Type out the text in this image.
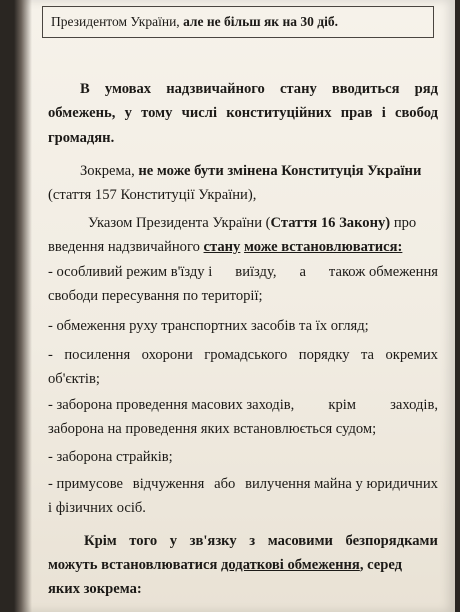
Президентом України, але не більш як на 30 діб.
В умовах надзвичайного стану вводиться ряд
обмежень, у тому числі конституційних прав і свобод
громадян.
Зокрема, не може бути змінена Конституція України
(стаття 157 Конституції України),
Указом Президента України (Стаття 16 Закону) про
введення надзвичайного стану може встановлюватися:
- особливий режим в'їзду і виїзду, а також обмеження
свободи пересування по території;
- обмеження руху транспортних засобів та їх огляд;
- посилення охорони громадського порядку та окремих
об'єктів;
- заборона проведення масових заходів, крім заходів,
заборона на проведення яких встановлюється судом;
- заборона страйків;
- примусове відчуження або вилучення майна у юридичних
і фізичних осіб.
Крім того у зв'язку з масовими безпорядками
можуть встановлюватися додаткові обмеження, серед
яких зокрема:
